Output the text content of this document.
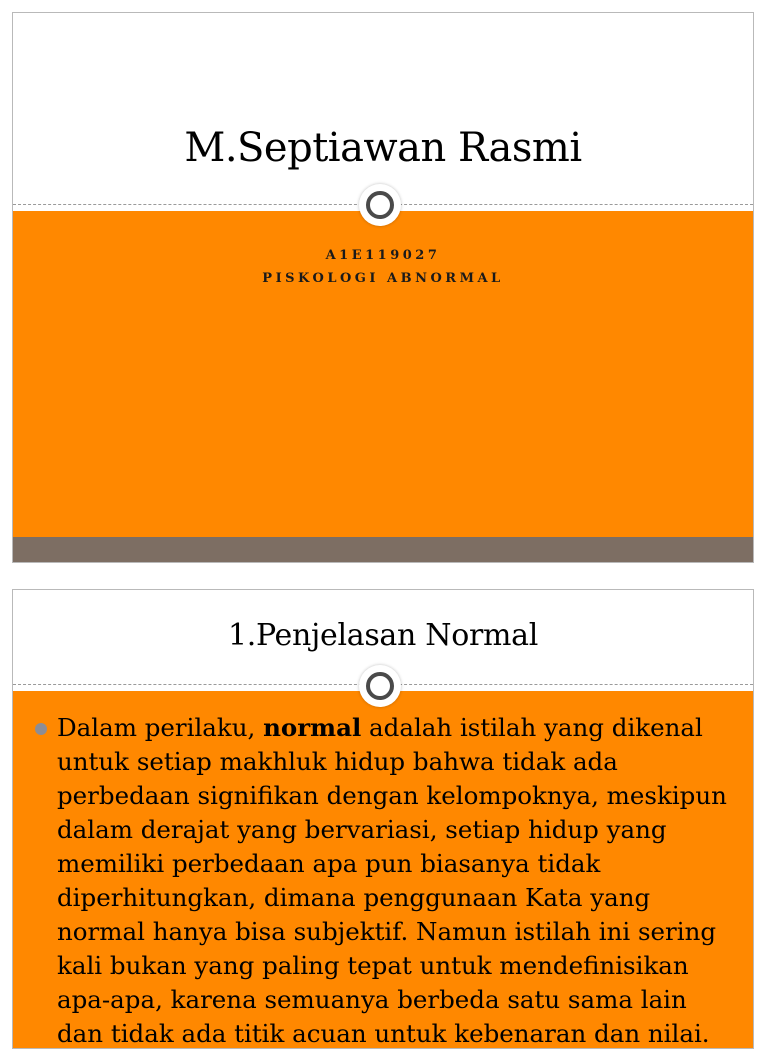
M.Septiawan Rasmi
A1E119027
PISKOLOGI ABNORMAL
1.Penjelasan Normal
Dalam perilaku, normal adalah istilah yang dikenal untuk setiap makhluk hidup bahwa tidak ada perbedaan signifikan dengan kelompoknya, meskipun dalam derajat yang bervariasi, setiap hidup yang memiliki perbedaan apa pun biasanya tidak diperhitungkan, dimana penggunaan Kata yang normal hanya bisa subjektif. Namun istilah ini sering kali bukan yang paling tepat untuk mendefinisikan apa-apa, karena semuanya berbeda satu sama lain dan tidak ada titik acuan untuk kebenaran dan nilai.
